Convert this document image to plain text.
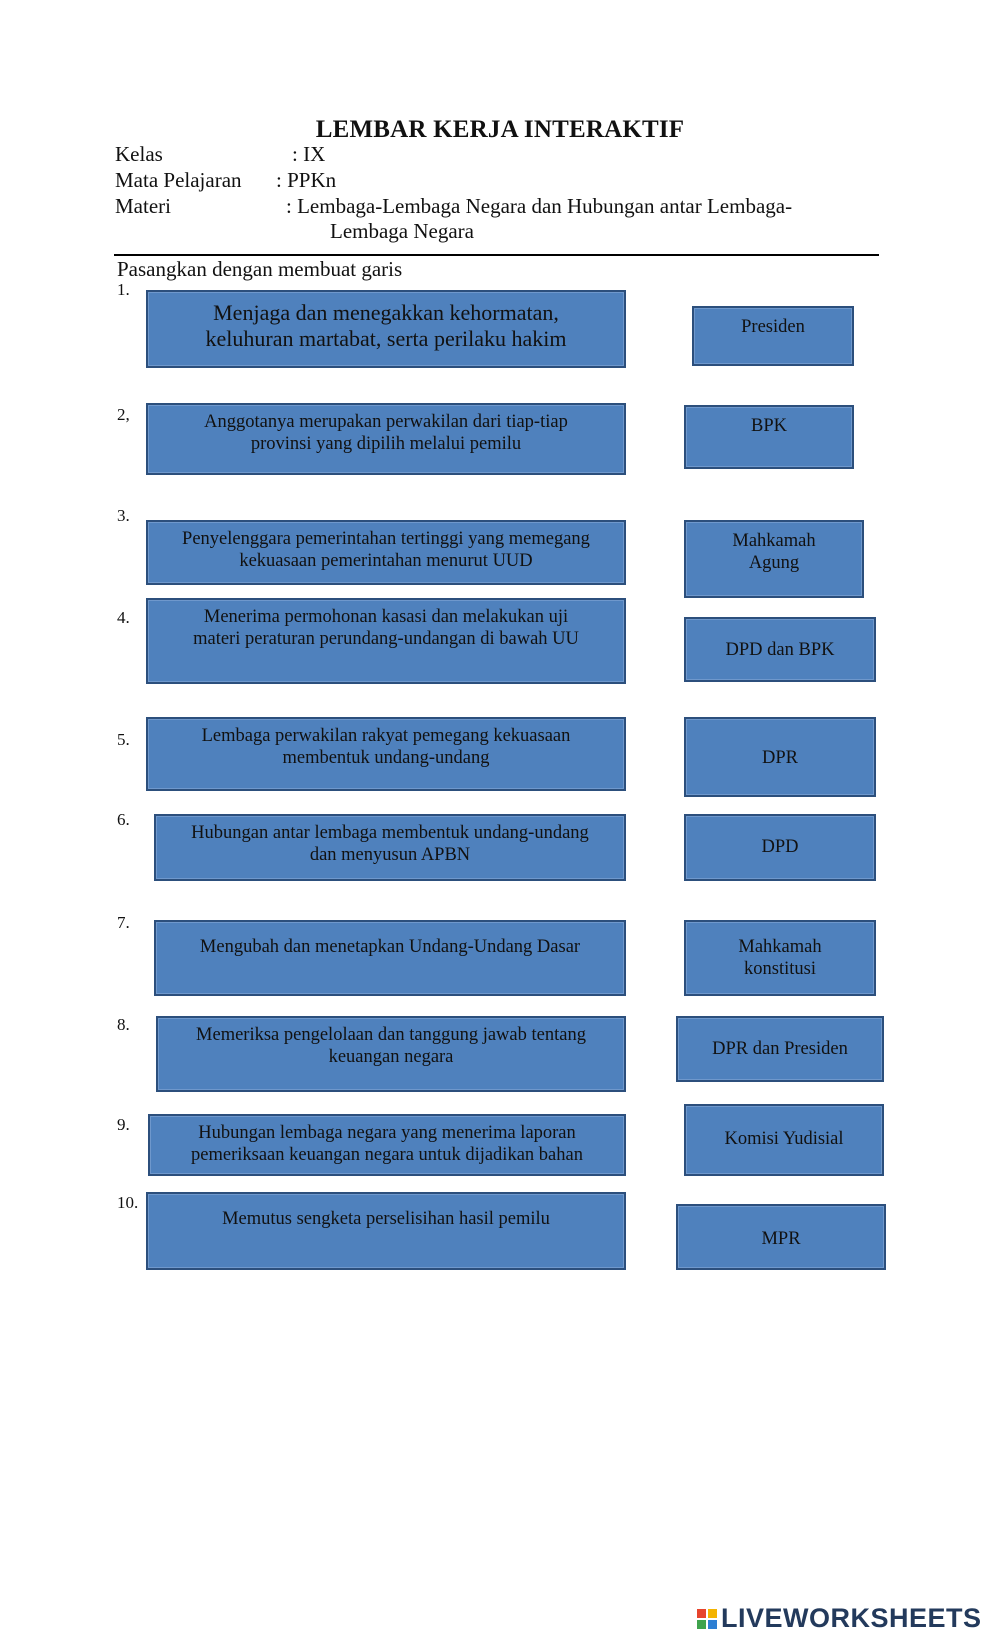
LEMBAR KERJA INTERAKTIF
Kelas	: IX
Mata Pelajaran : PPKn
Materi	: Lembaga-Lembaga Negara dan Hubungan antar Lembaga-
Lembaga Negara
Pasangkan dengan membuat garis
1.
2,
3.
4.
5.
6.
7.
8.
9.
10.
Menjaga dan menegakkan kehormatan,
keluhuran martabat, serta perilaku hakim
Anggotanya merupakan perwakilan dari tiap-tiap
provinsi yang dipilih melalui pemilu
Penyelenggara pemerintahan tertinggi yang memegang
kekuasaan pemerintahan menurut UUD
Menerima permohonan kasasi dan melakukan uji
materi peraturan perundang-undangan di bawah UU
Lembaga perwakilan rakyat pemegang kekuasaan
membentuk undang-undang
Hubungan antar lembaga membentuk undang-undang
dan menyusun APBN
Mengubah dan menetapkan Undang-Undang Dasar
Memeriksa pengelolaan dan tanggung jawab tentang
keuangan negara
Hubungan lembaga negara yang menerima laporan
pemeriksaan keuangan negara untuk dijadikan bahan
Memutus sengketa perselisihan hasil pemilu
Presiden
BPK
Mahkamah
Agung
DPD dan BPK
DPR
DPD
Mahkamah
konstitusi
DPR dan Presiden
Komisi Yudisial
MPR
LIVEWORKSHEETS
